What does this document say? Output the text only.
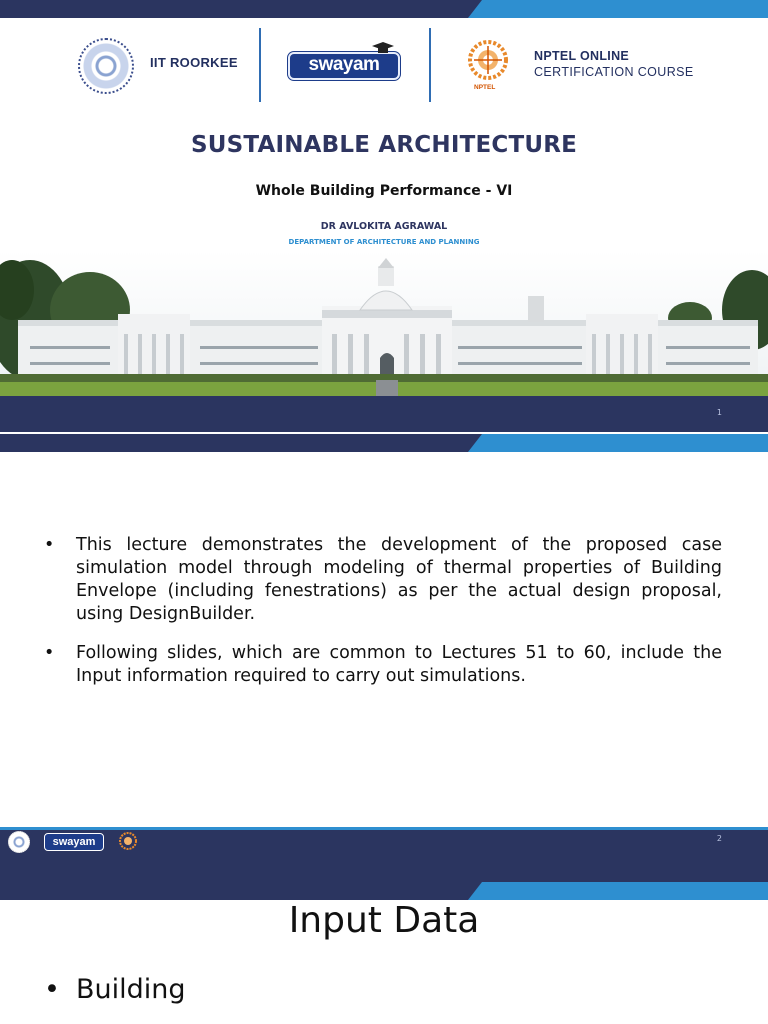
IIT ROORKEE	swayam
NPTEL
NPTEL ONLINE
CERTIFICATION COURSE
SUSTAINABLE ARCHITECTURE
Whole Building Performance - VI
DR AVLOKITA AGRAWAL
DEPARTMENT OF ARCHITECTURE AND PLANNING
1
• This lecture demonstrates the development of the proposed case simulation model through modeling of thermal properties of Building Envelope (including fenestrations) as per the actual design proposal, using DesignBuilder.
• Following slides, which are common to Lectures 51 to 60, include the Input information required to carry out simulations.
swayam	2
Input Data
• Building
